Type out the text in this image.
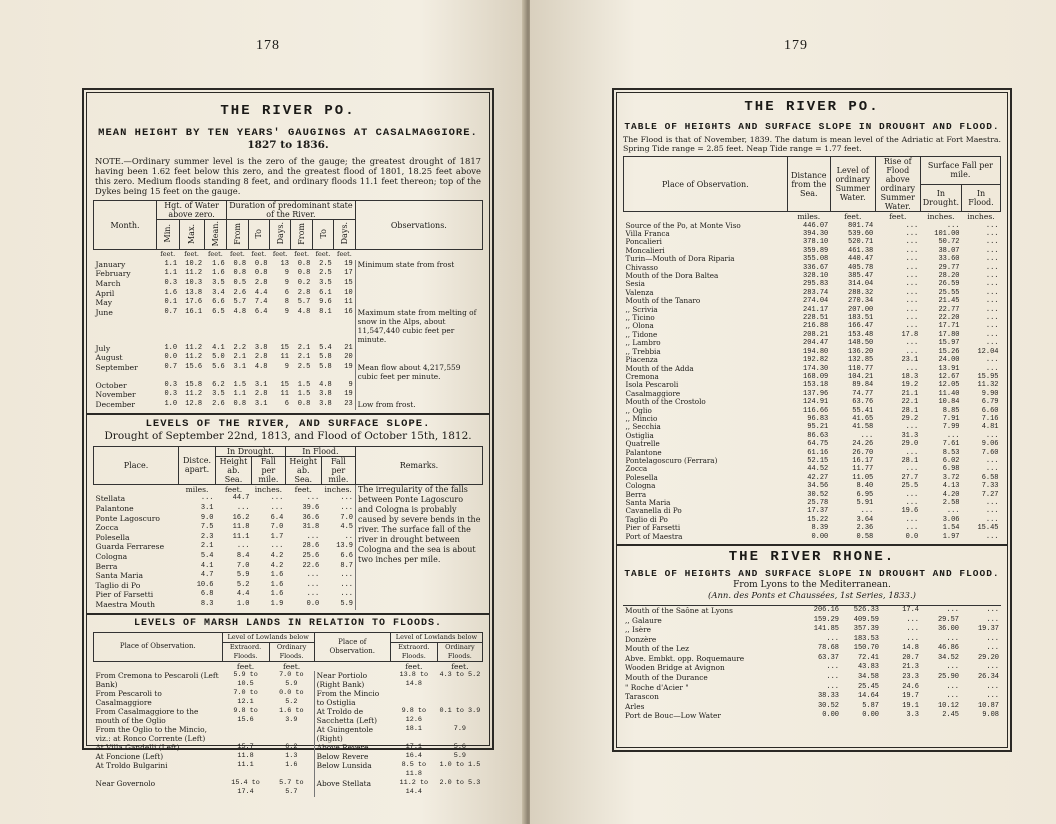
178
THE RIVER PO.
MEAN HEIGHT BY TEN YEARS' GAUGINGS AT CASALMAGGIORE.
1827 to 1836.
NOTE.—Ordinary summer level is the zero of the gauge; the greatest drought of 1817 having been 1.62 feet below this zero, and the greatest flood of 1801, 18.25 feet above this zero. Medium floods standing 8 feet, and ordinary floods 11.1 feet thereon; top of the Dykes being 15 feet on the gauge.
Month.	Hgt. of Water above zero.			Duration of predominant state of the River.						Observations.
	Min.	Max.	Mean.	From	To	Days.	From	To	Days.	
	feet.	feet.	feet.	feet.	feet.	feet.	feet.	feet.	feet.	
January	1.1	10.2	1.6	0.8	0.8	13	0.8	2.5	19	Minimum state from frost
February	1.1	11.2	1.6	0.8	0.8	9	0.8	2.5	17	
March	0.3	10.3	3.5	0.5	2.8	9	0.2	3.5	15	
April	1.6	13.8	3.4	2.6	4.4	6	2.8	6.1	10	
May	0.1	17.6	6.6	5.7	7.4	8	5.7	9.6	11	
June	0.7	16.1	6.5	4.8	6.4	9	4.8	8.1	16	Maximum state from melting of snow in the Alps, about 11,547,440 cubic feet per minute.
July	1.0	11.2	4.1	2.2	3.8	15	2.1	5.4	21	
August	0.0	11.2	5.0	2.1	2.8	11	2.1	5.8	20	
September	0.7	15.6	5.6	3.1	4.8	9	2.5	5.8	19	Mean flow about 4,217,559 cubic feet per minute.
October	0.3	15.8	6.2	1.5	3.1	15	1.5	4.8	9	
November	0.3	11.2	3.5	1.1	2.8	11	1.5	3.8	19	
December	1.0	12.8	2.6	0.8	3.1	6	0.8	3.8	23	Low from frost.
LEVELS OF THE RIVER, AND SURFACE SLOPE.
Drought of September 22nd, 1813, and Flood of October 15th, 1812.
Place.	Distce. apart.	In Drought.		In Flood.		Remarks.
		Height ab. Sea.	Fall per mile.	Height ab. Sea.	Fall per mile.	
	miles.	feet.	inches.	feet.	inches.	The irregularity of the falls between Ponte Lagoscuro and Cologna is probably caused by severe bends in the river. The surface fall of the river in drought between Cologna and the sea is about two inches per mile.
Stellata	...	44.7	...	...	...	
Palantone	3.1	...	...	39.6	...	
Ponte Lagoscuro	9.0	16.2	6.4	36.6	7.0	
Zocca	7.5	11.8	7.0	31.8	4.5	
Polesella	2.3	11.1	1.7	...	..	
Guarda Ferrarese	2.1	...	...	28.6	13.9	
Cologna	5.4	8.4	4.2	25.6	6.6	
Berra	4.1	7.0	4.2	22.6	8.7	
Santa Maria	4.7	5.9	1.6	...	...	
Taglio di Po	10.6	5.2	1.6	...	...	
Pier of Farsetti	6.8	4.4	1.6	...	...	
Maestra Mouth	8.3	1.0	1.9	0.0	5.9	
LEVELS OF MARSH LANDS IN RELATION TO FLOODS.
Place of Observation.	Level of Lowlands below		Place of Observation.	Level of Lowlands below	
	Extraord. Floods.	Ordinary Floods.		Extraord. Floods.	Ordinary Floods.
	feet.	feet.		feet.	feet.
From Cremona to Pescaroli (Left Bank)	5.9 to 10.5	7.0 to 5.9	Near Portiolo (Right Bank)	13.8 to 14.8	4.3 to 5.2
From Pescaroli to Casalmaggiore	7.0 to 12.1	0.0 to 5.2	From the Mincio to Ostiglia		
From Casalmaggiore to the mouth of the Oglio	9.8 to 15.6	1.6 to 3.9	At Troldo de Sacchetta (Left)	9.8 to 12.6	0.1 to 3.9
From the Oglio to the Mincio, viz.: at Ronco Corrente (Left)			At Guingentole (Right)	18.1	7.9
At Villa Gandelli (Left)	15.7	6.2	Above Revere	17.1	5.6
At Foncione (Left)	11.8	1.3	Below Revere	16.4	5.9
At Troldo Bulgarini	11.1	1.6	Below Lunsida	8.5 to 11.8	1.0 to 1.5
Near Governolo	15.4 to 17.4	5.7 to 5.7	Above Stellata	11.2 to 14.4	2.0 to 5.3
179
THE RIVER PO.
TABLE OF HEIGHTS AND SURFACE SLOPE IN DROUGHT AND FLOOD.
The Flood is that of November, 1839. The datum is mean level of the Adriatic at Fort Maestra. Spring Tide range = 2.85 feet. Neap Tide range = 1.77 feet.
Place of Observation.	Distance from the Sea.	Level of ordinary Summer Water.	Rise of Flood above ordinary Summer Water.	Surface Fall per mile.	
				In Drought.	In Flood.
	miles.	feet.	feet.	inches.	inches.
Source of the Po, at Monte Viso	446.07	801.74	...	...	...
Villa Franca	394.30	539.60	...	101.00	...
Poncalieri	378.10	520.71	...	50.72	...
Moncalieri	359.89	461.38	...	38.07	...
Turin—Mouth of Dora Riparia	355.08	440.47	...	33.60	...
Chivasso	336.67	405.78	...	29.77	...
Mouth of the Dora Baltea	328.10	385.47	...	28.20	...
Sesia	295.83	314.04	...	26.59	...
Valenza	283.74	288.32	...	25.55	...
Mouth of the Tanaro	274.04	270.34	...	21.45	...
,, Scrivia	241.17	207.00	...	22.77	...
,, Ticino	228.51	183.51	...	22.20	...
,, Olona	216.88	166.47	...	17.71	...
,, Tidone	208.21	153.48	17.8	17.80	...
,, Lambro	204.47	148.50	...	15.97	...
,, Trebbia	194.80	136.20	...	15.26	12.04
Piacenza	192.82	132.85	23.1	24.00	...
Mouth of the Adda	174.30	110.77	...	13.91	...
Cremona	168.09	104.21	18.3	12.67	15.95
Isola Pescaroli	153.18	89.84	19.2	12.05	11.32
Casalmaggiore	137.96	74.77	21.1	11.40	9.90
Mouth of the Crostolo	124.91	63.76	22.1	10.84	6.79
,, Oglio	116.66	55.41	28.1	8.85	6.60
,, Mincio	96.83	41.65	29.2	7.91	7.16
,, Secchia	95.21	41.58	...	7.99	4.81
Ostiglia	86.63	...	31.3	...	...
Quatrelle	64.75	24.26	29.0	7.61	9.06
Palantone	61.16	26.70	...	8.53	7.60
Pontelagoscuro (Ferrara)	52.15	16.17	28.1	6.02	...
Zocca	44.52	11.77	...	6.98	...
Polesella	42.27	11.05	27.7	3.72	6.58
Cologna	34.56	8.40	25.5	4.13	7.33
Berra	30.52	6.95	...	4.20	7.27
Santa Maria	25.78	5.91	...	2.58	...
Cavanella di Po	17.37	...	19.6	...	...
Taglio di Po	15.22	3.64	...	3.06	...
Pier of Farsetti	8.39	2.36	...	1.54	15.45
Port of Maestra	0.00	0.58	0.0	1.97	...
THE RIVER RHONE.
TABLE OF HEIGHTS AND SURFACE SLOPE IN DROUGHT AND FLOOD.
From Lyons to the Mediterranean.
(Ann. des Ponts et Chaussées, 1st Series, 1833.)
Mouth of the Saône at Lyons	206.16	526.33	17.4	...	...
,, Galaure	159.29	409.59	...	29.57	...
,, Isère	141.85	357.39	...	36.00	19.37
Donzère	...	183.53	...	...	...
Mouth of the Lez	78.68	150.70	14.8	46.86	...
Abve. Embkt. opp. Roquemaure	63.37	72.41	20.7	34.52	29.20
Wooden Bridge at Avignon	...	43.83	21.3	...	...
Mouth of the Durance	...	34.58	23.3	25.90	26.34
" Roche d'Acier "	...	25.45	24.6	...	...
Tarascon	38.33	14.64	19.7	...	...
Arles	30.52	5.87	19.1	10.12	10.87
Port de Bouc—Low Water	0.00	0.00	3.3	2.45	9.08
